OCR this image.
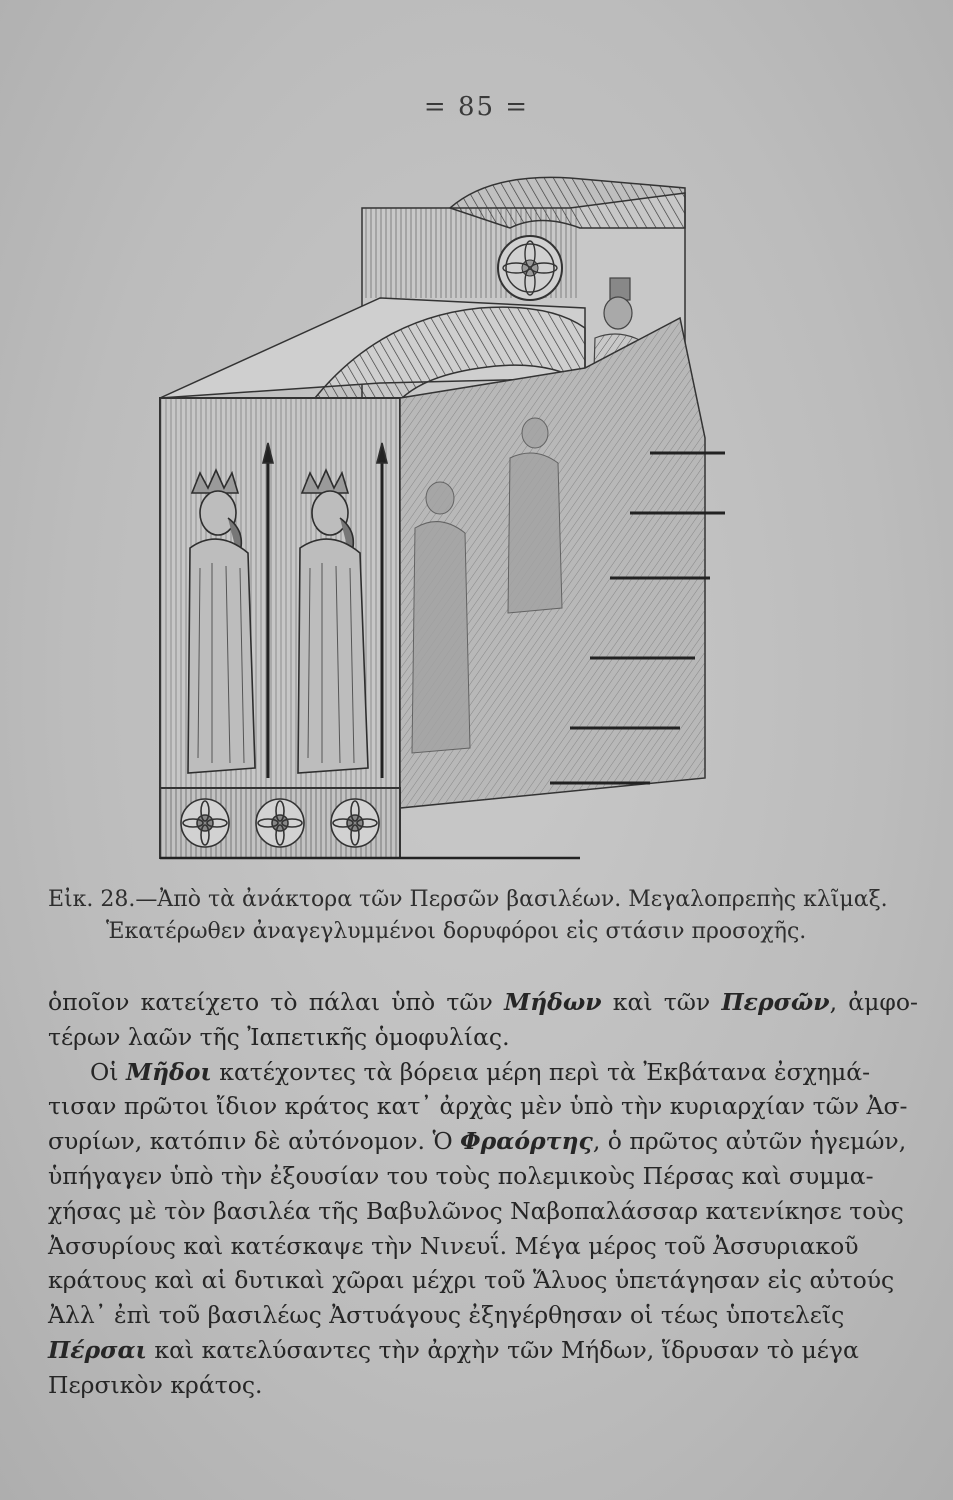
= 85 =
Εἰκ. 28.—Ἀπὸ τὰ ἀνάκτορα τῶν Περσῶν βασιλέων. Μεγαλοπρεπὴς κλῖμαξ.
Ἑκατέρωθεν ἀναγεγλυμμένοι δορυφόροι εἰς στάσιν προσοχῆς.
ὁποῖον κατείχετο τὸ πάλαι ὑπὸ τῶν Μήδων καὶ τῶν Περσῶν, ἀμφο-
τέρων λαῶν τῆς Ἰαπετικῆς ὁμοφυλίας.
Οἱ Μῆδοι κατέχοντες τὰ βόρεια μέρη περὶ τὰ Ἐκβάτανα ἐσχημά-
τισαν πρῶτοι ἴδιον κράτος κατ᾽ ἀρχὰς μὲν ὑπὸ τὴν κυριαρχίαν τῶν Ἀσ-
συρίων, κατόπιν δὲ αὐτόνομον. Ὁ Φραόρτης, ὁ πρῶτος αὐτῶν ἡγεμών,
ὑπήγαγεν ὑπὸ τὴν ἐξουσίαν του τοὺς πολεμικοὺς Πέρσας καὶ συμμα-
χήσας μὲ τὸν βασιλέα τῆς Βαβυλῶνος Ναβοπαλάσσαρ κατενίκησε τοὺς
Ἀσσυρίους καὶ κατέσκαψε τὴν Νινευΐ. Μέγα μέρος τοῦ Ἀσσυριακοῦ
κράτους καὶ αἱ δυτικαὶ χῶραι μέχρι τοῦ Ἅλυος ὑπετάγησαν εἰς αὐτούς
Ἀλλ᾽ ἐπὶ τοῦ βασιλέως Ἀστυάγους ἐξηγέρθησαν οἱ τέως ὑποτελεῖς
Πέρσαι καὶ κατελύσαντες τὴν ἀρχὴν τῶν Μήδων, ἵδρυσαν τὸ μέγα
Περσικὸν κράτος.
